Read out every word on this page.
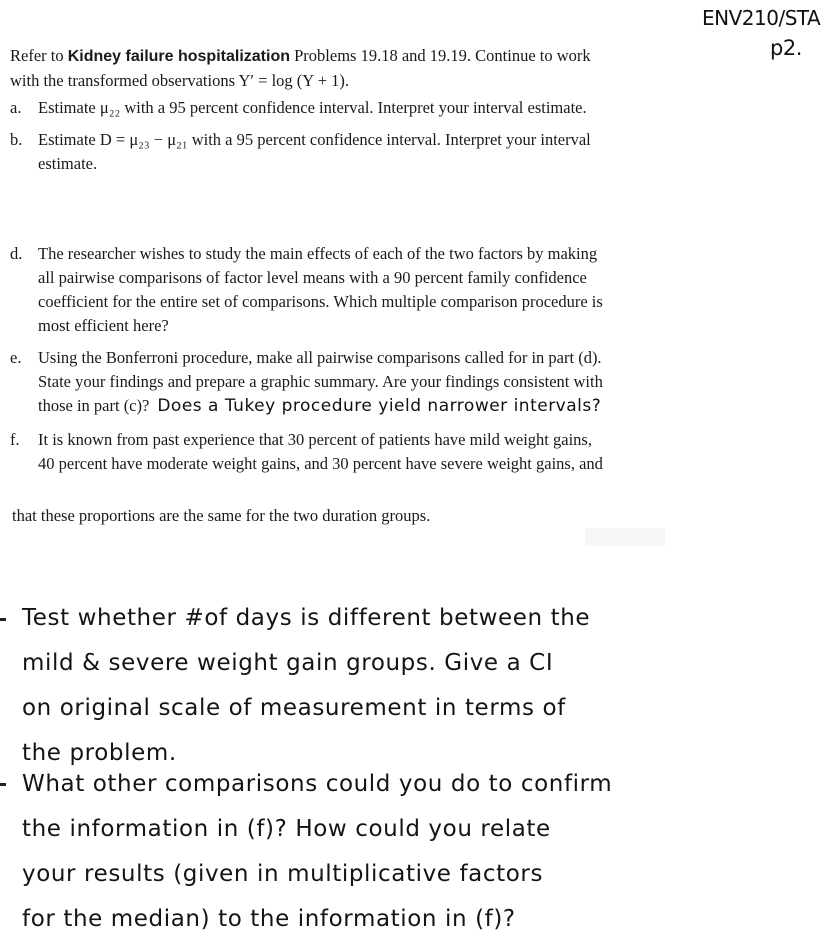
ENV210/STA
p2.
Refer to Kidney failure hospitalization Problems 19.18 and 19.19. Continue to work
with the transformed observations Y′ = log (Y + 1).
a. Estimate μ₂₂ with a 95 percent confidence interval. Interpret your interval estimate.
b. Estimate D = μ₂₃ − μ₂₁ with a 95 percent confidence interval. Interpret your interval
estimate.
d. The researcher wishes to study the main effects of each of the two factors by making
all pairwise comparisons of factor level means with a 90 percent family confidence
coefficient for the entire set of comparisons. Which multiple comparison procedure is
most efficient here?
e. Using the Bonferroni procedure, make all pairwise comparisons called for in part (d).
State your findings and prepare a graphic summary. Are your findings consistent with
those in part (c)? Does a Tukey procedure yield narrower intervals?
f. It is known from past experience that 30 percent of patients have mild weight gains,
40 percent have moderate weight gains, and 30 percent have severe weight gains, and
that these proportions are the same for the two duration groups.
Test whether #of days is different between the
mild & severe weight gain groups. Give a CI
on original scale of measurement in terms of
the problem.
What other comparisons could you do to confirm
the information in (f)? How could you relate
your results (given in multiplicative factors
for the median) to the information in (f)?
